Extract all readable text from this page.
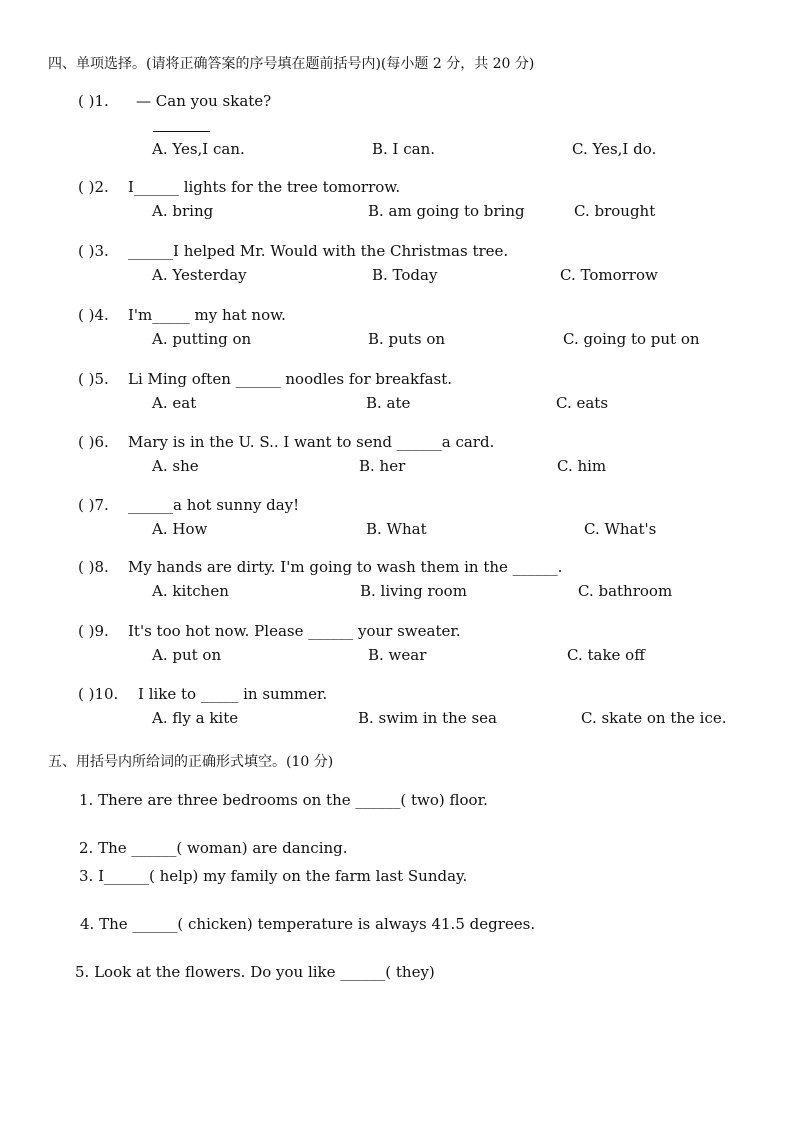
四、单项选择。(请将正确答案的序号填在题前括号内)(每小题 2 分，共 20 分)
( )1. — Can you skate?
A. Yes,I can.	B. I can.	C. Yes,I do.
( )2. I______ lights for the tree tomorrow.
A. bring	B. am going to bring	C. brought
( )3. ______I helped Mr. Would with the Christmas tree.
A. Yesterday	B. Today	C. Tomorrow
( )4. I'm_____ my hat now.
A. putting on	B. puts on	C. going to put on
( )5. Li Ming often ______ noodles for breakfast.
A. eat	B. ate	C. eats
( )6. Mary is in the U. S.. I want to send ______a card.
A. she	B. her	C. him
( )7. ______a hot sunny day!
A. How	B. What	C. What's
( )8. My hands are dirty. I'm going to wash them in the ______.
A. kitchen	B. living room	C. bathroom
( )9. It's too hot now. Please ______ your sweater.
A. put on	B. wear	C. take off
( )10. I like to _____ in summer.
A. fly a kite	B. swim in the sea	C. skate on the ice.
五、用括号内所给词的正确形式填空。(10 分)
1. There are three bedrooms on the ______( two) floor.
2. The ______( woman) are dancing.
3. I______( help) my family on the farm last Sunday.
4. The ______( chicken) temperature is always 41.5 degrees.
5. Look at the flowers. Do you like ______( they)
